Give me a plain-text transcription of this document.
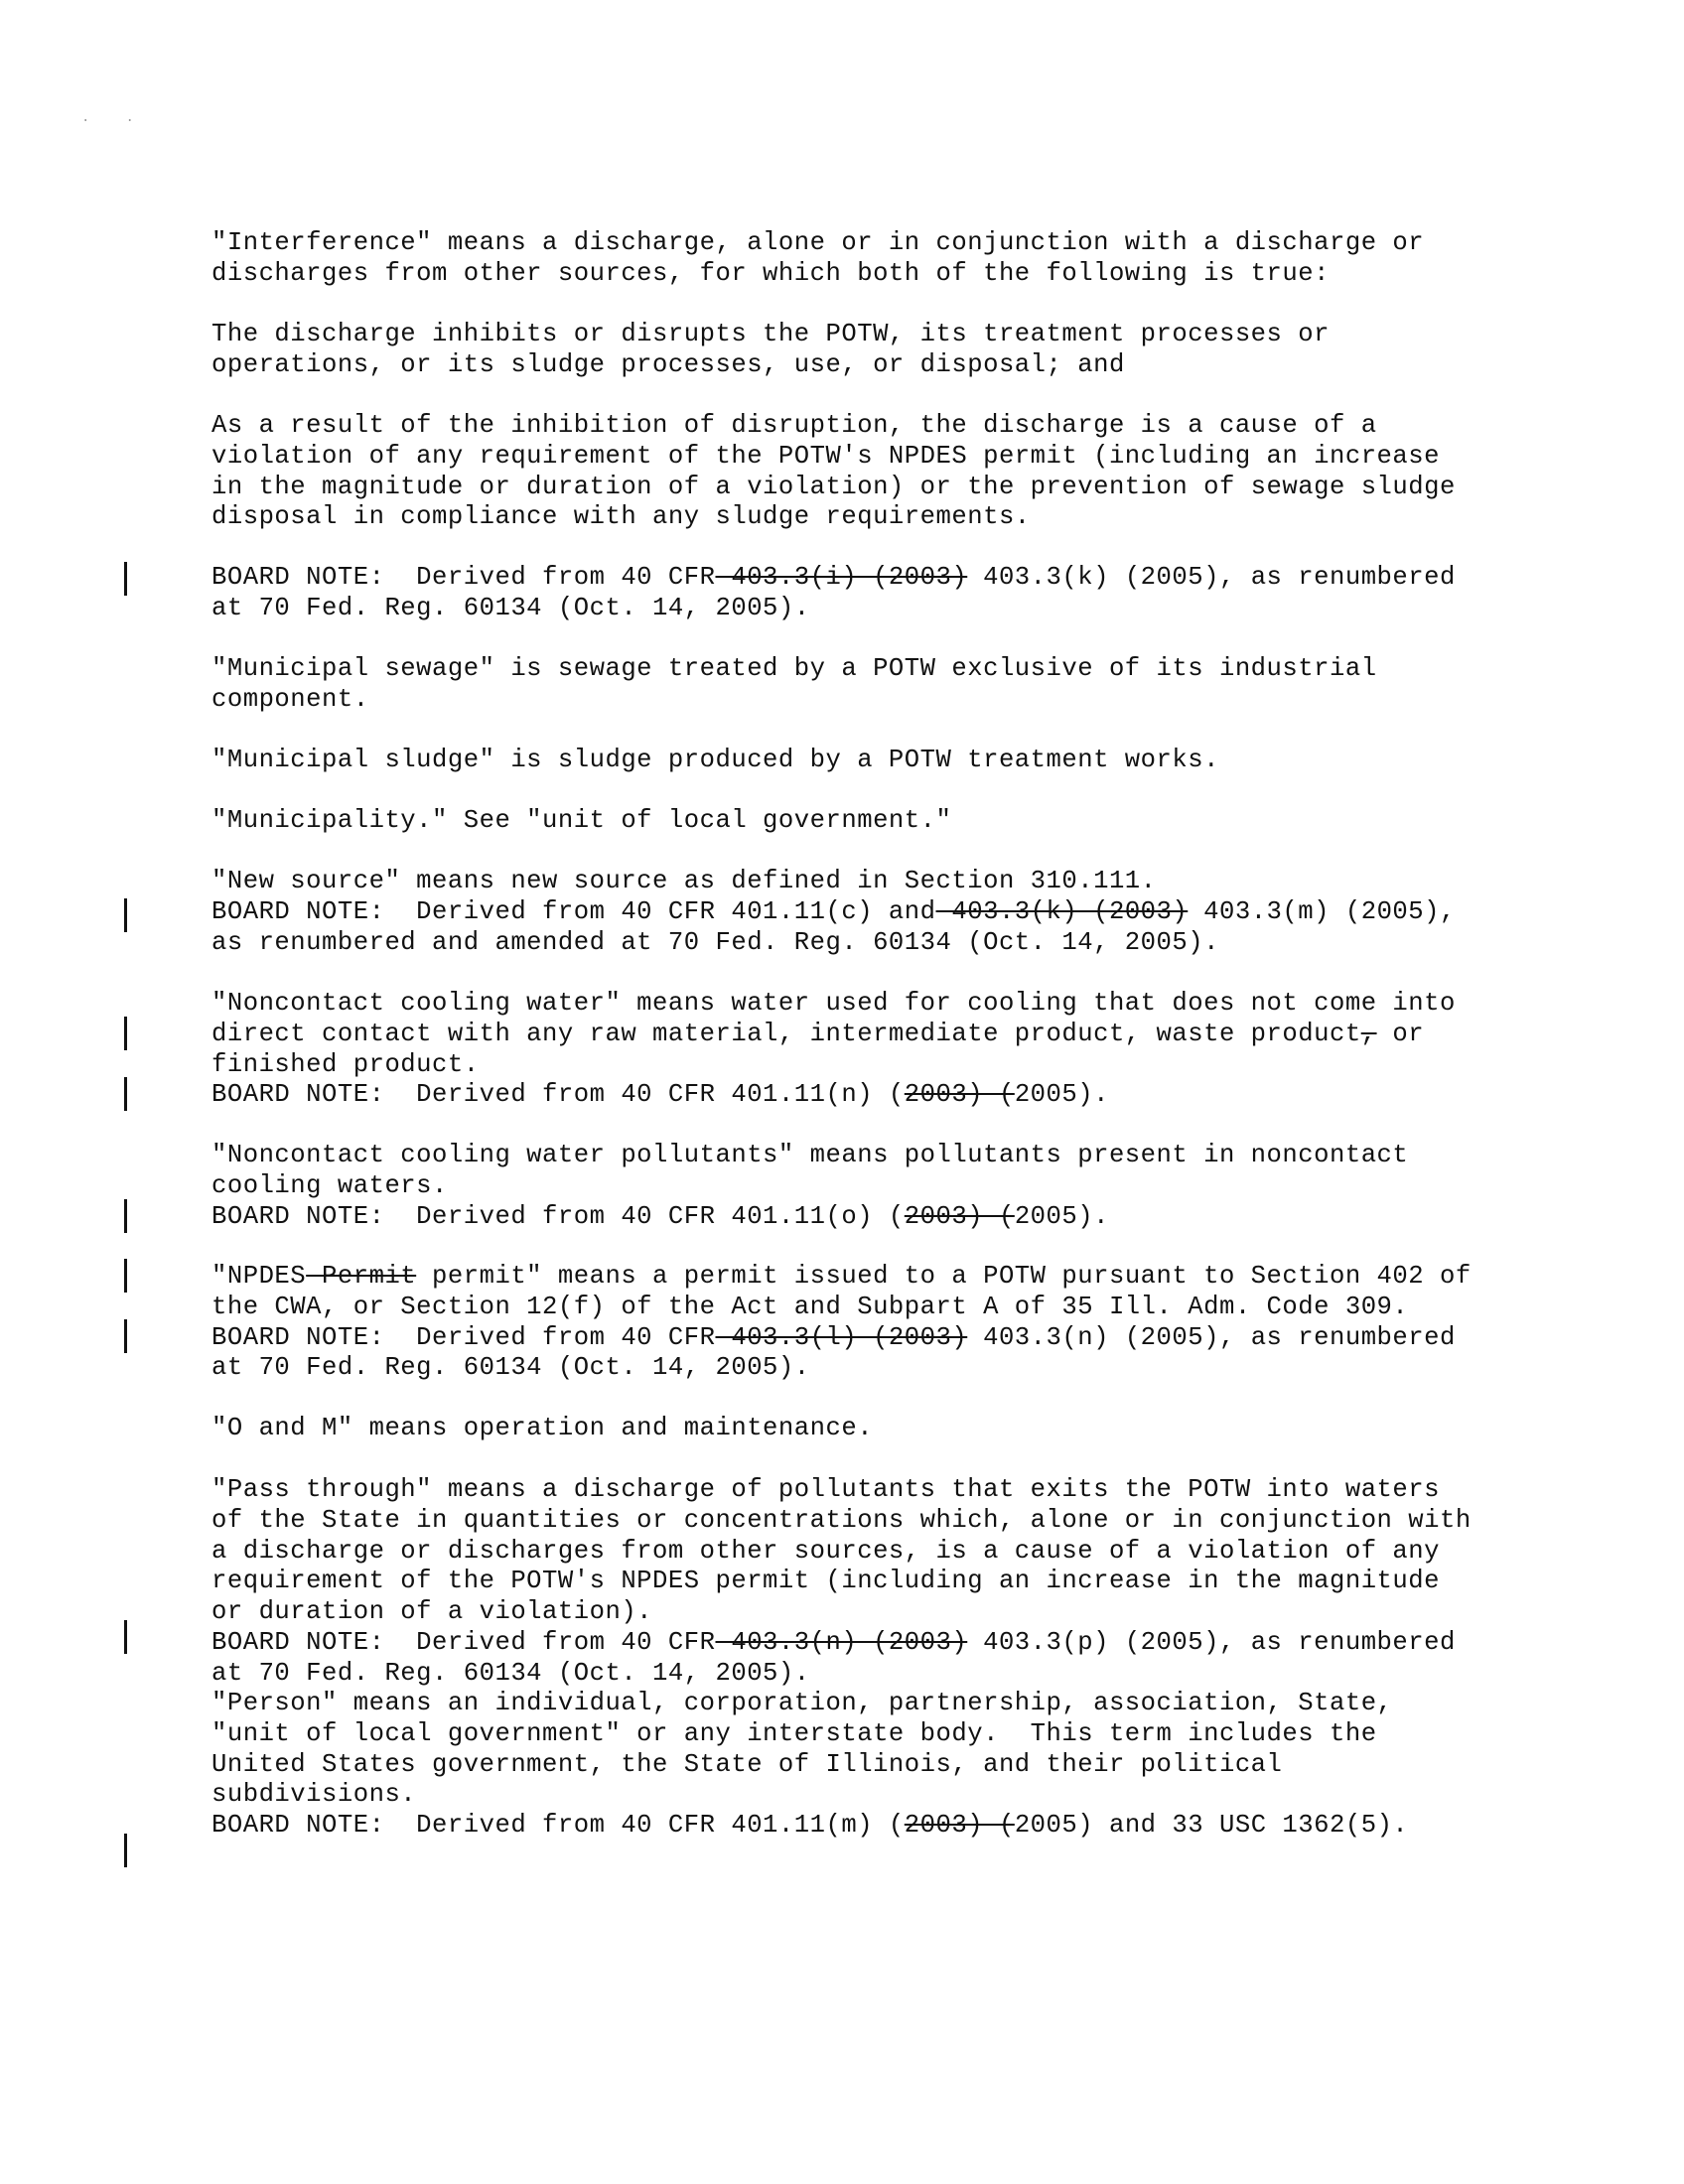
·    ·
"Interference" means a discharge, alone or in conjunction with a discharge or
discharges from other sources, for which both of the following is true:
The discharge inhibits or disrupts the POTW, its treatment processes or
operations, or its sludge processes, use, or disposal; and
As a result of the inhibition of disruption, the discharge is a cause of a
violation of any requirement of the POTW's NPDES permit (including an increase
in the magnitude or duration of a violation) or the prevention of sewage sludge
disposal in compliance with any sludge requirements.
BOARD NOTE:  Derived from 40 CFR 403.3(i) (2003) 403.3(k) (2005), as renumbered
at 70 Fed. Reg. 60134 (Oct. 14, 2005).
"Municipal sewage" is sewage treated by a POTW exclusive of its industrial
component.
"Municipal sludge" is sludge produced by a POTW treatment works.
"Municipality." See "unit of local government."
"New source" means new source as defined in Section 310.111.
BOARD NOTE:  Derived from 40 CFR 401.11(c) and 403.3(k) (2003) 403.3(m) (2005),
as renumbered and amended at 70 Fed. Reg. 60134 (Oct. 14, 2005).
"Noncontact cooling water" means water used for cooling that does not come into
direct contact with any raw material, intermediate product, waste product, or
finished product.
BOARD NOTE:  Derived from 40 CFR 401.11(n) (2003) (2005).
"Noncontact cooling water pollutants" means pollutants present in noncontact
cooling waters.
BOARD NOTE:  Derived from 40 CFR 401.11(o) (2003) (2005).
"NPDES Permit permit" means a permit issued to a POTW pursuant to Section 402 of
the CWA, or Section 12(f) of the Act and Subpart A of 35 Ill. Adm. Code 309.
BOARD NOTE:  Derived from 40 CFR 403.3(l) (2003) 403.3(n) (2005), as renumbered
at 70 Fed. Reg. 60134 (Oct. 14, 2005).
"O and M" means operation and maintenance.
"Pass through" means a discharge of pollutants that exits the POTW into waters
of the State in quantities or concentrations which, alone or in conjunction with
a discharge or discharges from other sources, is a cause of a violation of any
requirement of the POTW's NPDES permit (including an increase in the magnitude
or duration of a violation).
BOARD NOTE:  Derived from 40 CFR 403.3(n) (2003) 403.3(p) (2005), as renumbered
at 70 Fed. Reg. 60134 (Oct. 14, 2005).
"Person" means an individual, corporation, partnership, association, State,
"unit of local government" or any interstate body.  This term includes the
United States government, the State of Illinois, and their political
subdivisions.
BOARD NOTE:  Derived from 40 CFR 401.11(m) (2003) (2005) and 33 USC 1362(5).
